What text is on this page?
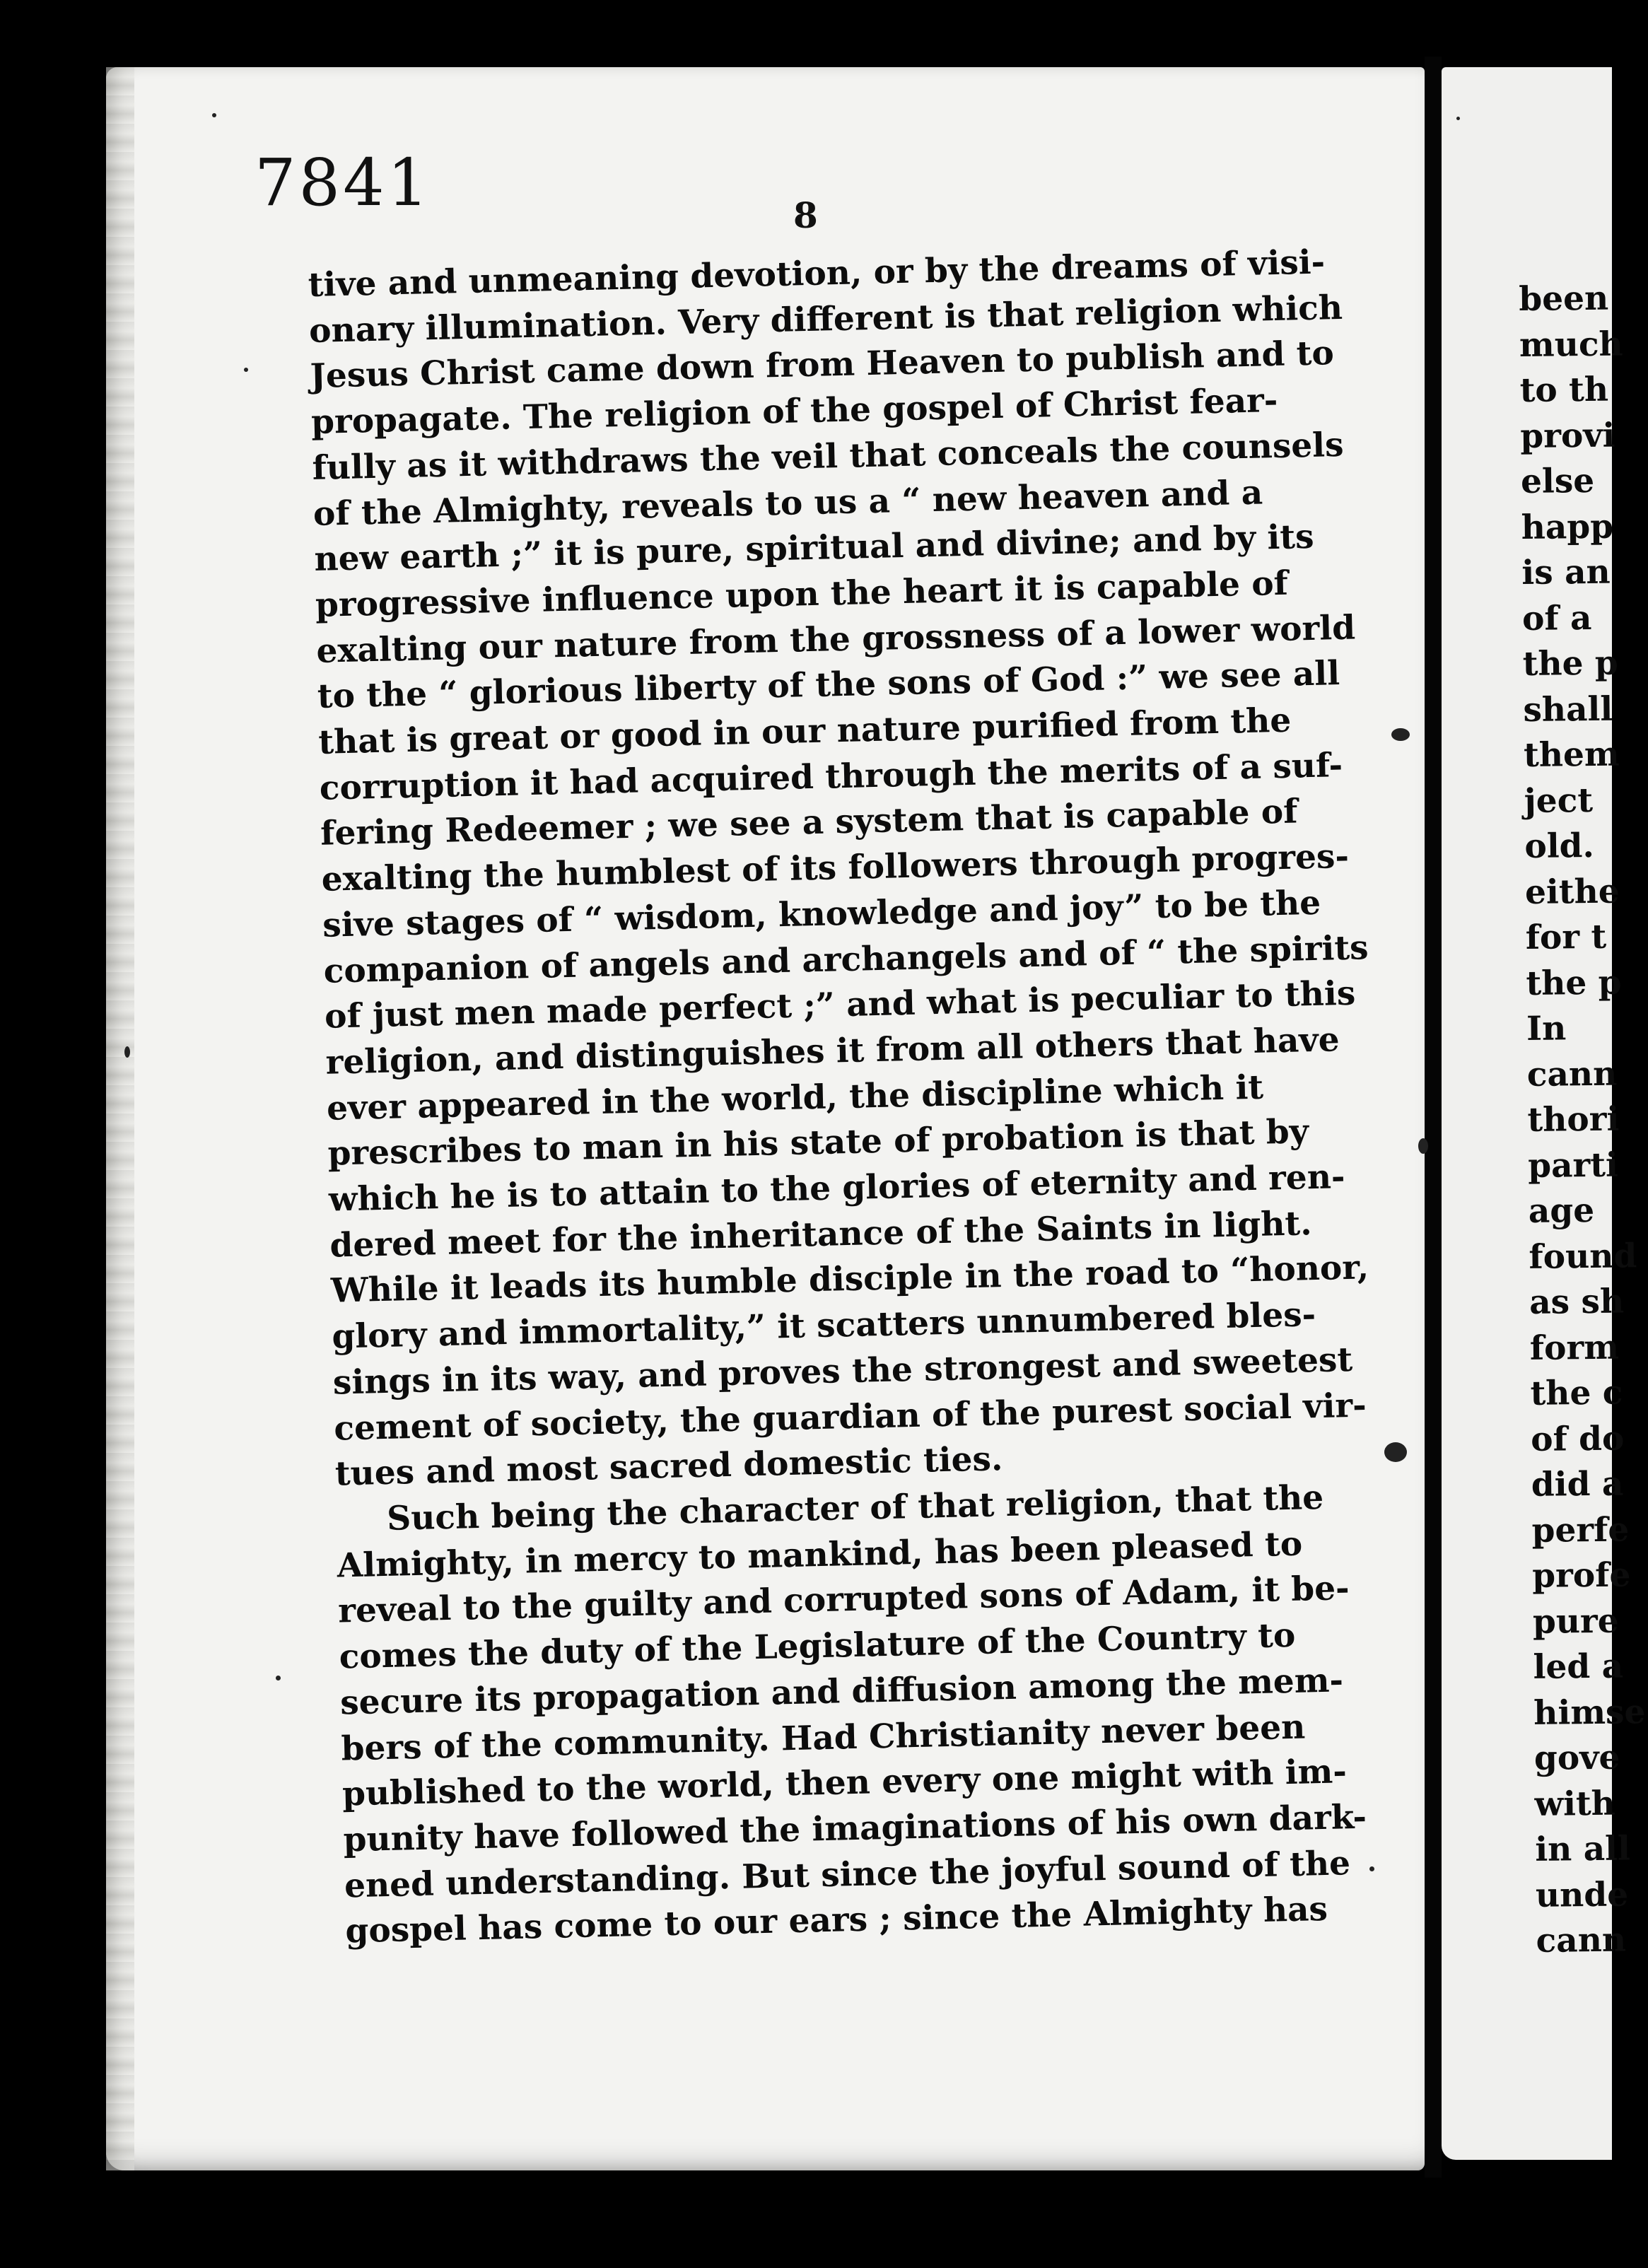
7841	8
tive and unmeaning devotion, or by the dreams of visi-
onary illumination. Very different is that religion which
Jesus Christ came down from Heaven to publish and to
propagate. The religion of the gospel of Christ fear-
fully as it withdraws the veil that conceals the counsels
of the Almighty, reveals to us a “ new heaven and a
new earth ;” it is pure, spiritual and divine; and by its
progressive influence upon the heart it is capable of
exalting our nature from the grossness of a lower world
to the “ glorious liberty of the sons of God :” we see all
that is great or good in our nature purified from the
corruption it had acquired through the merits of a suf-
fering Redeemer ; we see a system that is capable of
exalting the humblest of its followers through progres-
sive stages of “ wisdom, knowledge and joy” to be the
companion of angels and archangels and of “ the spirits
of just men made perfect ;” and what is peculiar to this
religion, and distinguishes it from all others that have
ever appeared in the world, the discipline which it
prescribes to man in his state of probation is that by
which he is to attain to the glories of eternity and ren-
dered meet for the inheritance of the Saints in light.
While it leads its humble disciple in the road to “honor,
glory and immortality,” it scatters unnumbered bles-
sings in its way, and proves the strongest and sweetest
cement of society, the guardian of the purest social vir-
tues and most sacred domestic ties.
Such being the character of that religion, that the
Almighty, in mercy to mankind, has been pleased to
reveal to the guilty and corrupted sons of Adam, it be-
comes the duty of the Legislature of the Country to
secure its propagation and diffusion among the mem-
bers of the community. Had Christianity never been
published to the world, then every one might with im-
punity have followed the imaginations of his own dark-
ened understanding. But since the joyful sound of the
gospel has come to our ears ; since the Almighty has
been
much
to th
provi
else
happ
is an
of a
the p
shall
them
ject
old.
eithe
for t
the p
In
cann
thori
parti
age
found
as sh
form
the c
of do
did a
perfe
profe
pure
led a
himse
gove
with
in all
unde
cann
